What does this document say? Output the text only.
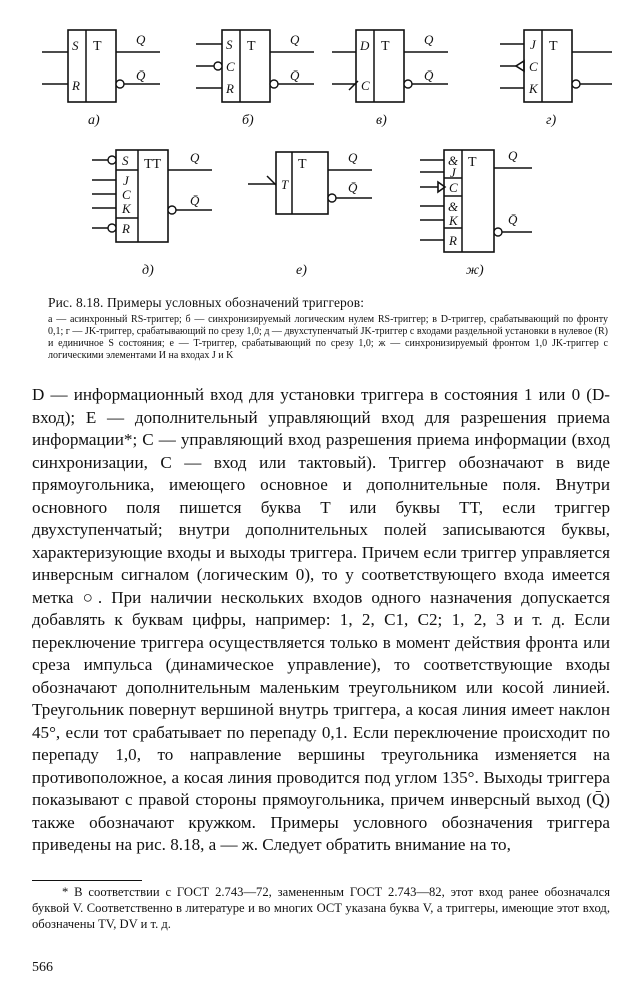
S
R
T	Q
Q̄
а)
S
C
R
T	Q
Q̄
б)
D
C
T	Q
Q̄
в)
J
C
K
T
г)
S
J
C
K
R
TT Q
Q̄
д)
T
T	Q
Q̄
е)
&
J
C
&
K
R
T Q
Q̄
ж)
Рис. 8.18. Примеры условных обозначений триггеров:
а — асинхронный RS-триггер; б — синхронизируемый логическим нулем RS-триггер; в D-триггер, срабатывающий по фронту 0,1; г — JK-триггер, срабатывающий по срезу 1,0; д — двухступенчатый JK-триггер с входами раздельной установки в нулевое (R) и единичное S состояния; е — T-триггер, срабатывающий по срезу 1,0; ж — синхронизируемый фронтом 1,0 JK-триггер с логическими элементами И на входах J и K

D — информационный вход для установки триггера в состояния 1 или 0 (D-вход); E — дополнительный управляющий вход для разрешения приема информации*; C — управляющий вход разрешения приема информации (вход синхронизации, C — вход или тактовый). Триггер обозначают в виде прямоугольника, имеющего основное и дополнительные поля. Внутри основного поля пишется буква T или буквы TT, если триггер двухступенчатый; внутри дополнительных полей записываются буквы, характеризующие входы и выходы триггера. Причем если триггер управляется инверсным сигналом (логическим 0), то у соответствующего входа имеется метка ○. При наличии нескольких входов одного назначения допускается добавлять к буквам цифры, например: 1, 2, C1, C2; 1, 2, 3 и т. д. Если переключение триггера осуществляется только в момент действия фронта или среза импульса (динамическое управление), то соответствующие входы обозначают дополнительным маленьким треугольником или косой линией. Треугольник повернут вершиной внутрь триггера, а косая линия имеет наклон 45°, если тот срабатывает по перепаду 0,1. Если переключение происходит по перепаду 1,0, то направление вершины треугольника изменяется на противоположное, а косая линия проводится под углом 135°. Выходы триггера показывают с правой стороны прямоугольника, причем инверсный выход (Q̄) также обозначают кружком. Примеры условного обозначения триггера приведены на рис. 8.18, а — ж. Следует обратить внимание на то,

* В соответствии с ГОСТ 2.743—72, замененным ГОСТ 2.743—82, этот вход ранее обозначался буквой V. Соответственно в литературе и во многих ОСТ указана буква V, а триггеры, имеющие этот вход, обозначены TV, DV и т. д.

566
